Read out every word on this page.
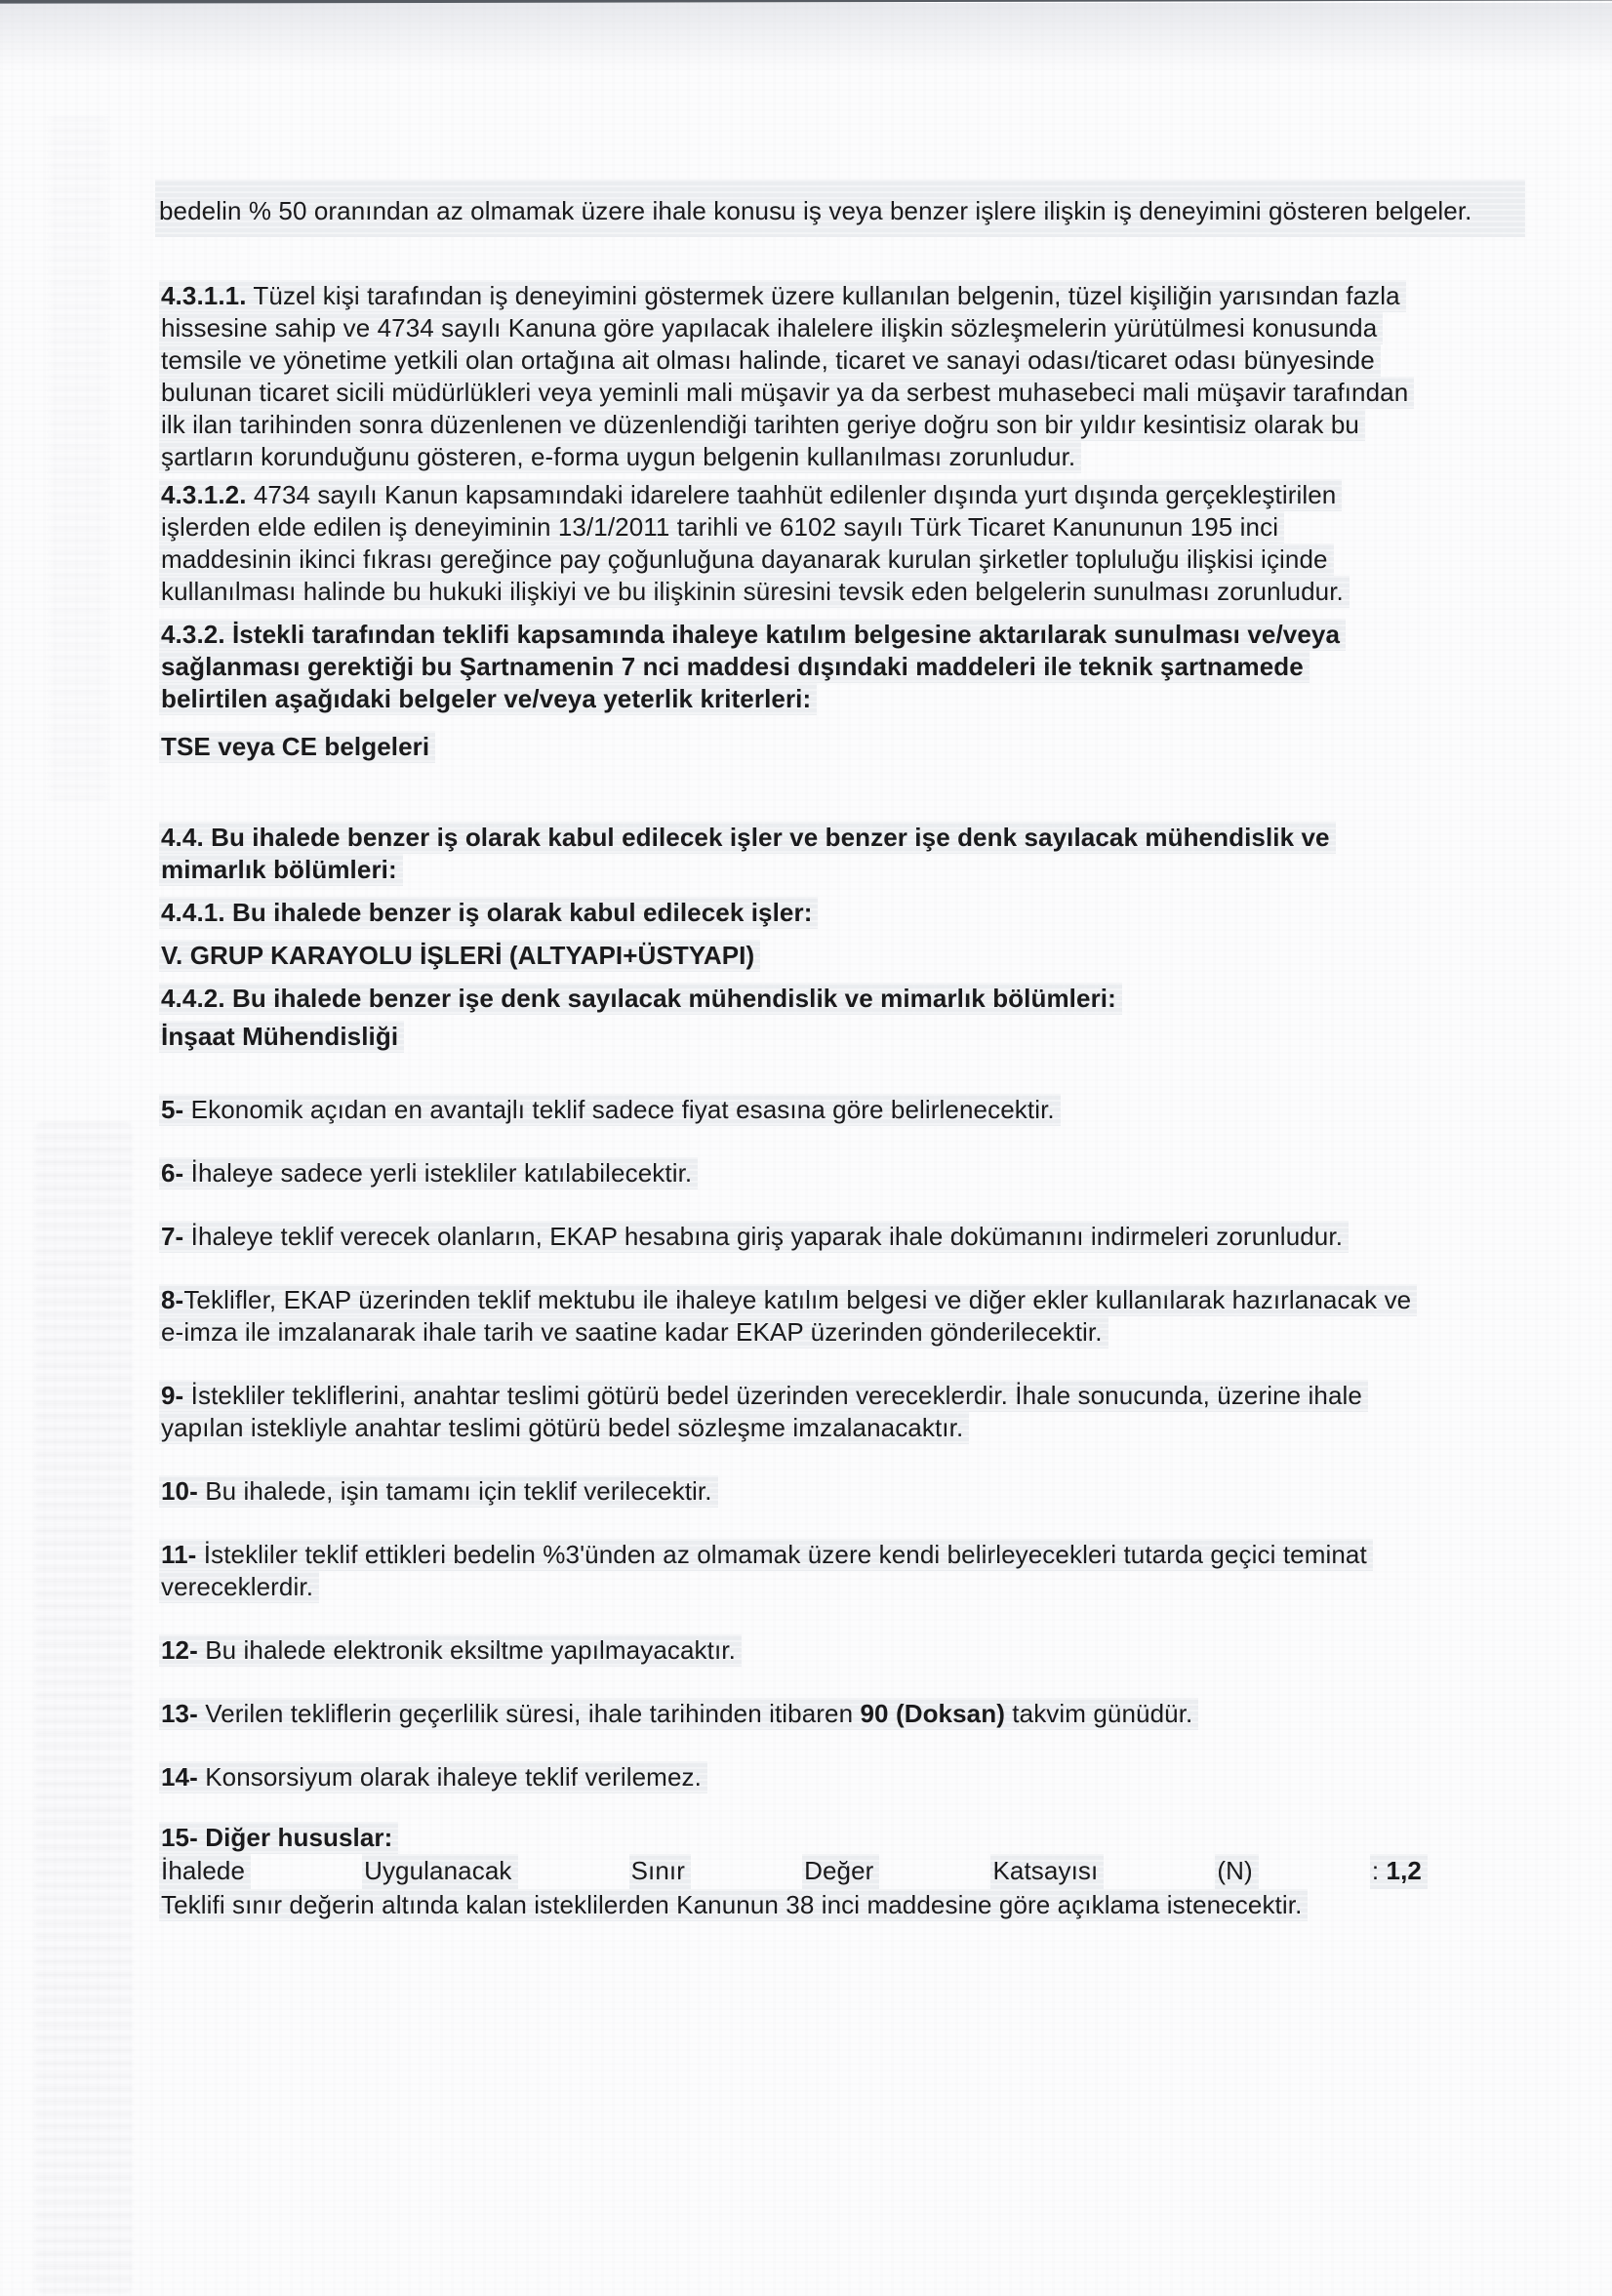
bedelin % 50 oranından az olmamak üzere ihale konusu iş veya benzer işlere ilişkin iş deneyimini gösteren belgeler.
4.3.1.1. Tüzel kişi tarafından iş deneyimini göstermek üzere kullanılan belgenin, tüzel kişiliğin yarısından fazla hissesine sahip ve 4734 sayılı Kanuna göre yapılacak ihalelere ilişkin sözleşmelerin yürütülmesi konusunda temsile ve yönetime yetkili olan ortağına ait olması halinde, ticaret ve sanayi odası/ticaret odası bünyesinde bulunan ticaret sicili müdürlükleri veya yeminli mali müşavir ya da serbest muhasebeci mali müşavir tarafından ilk ilan tarihinden sonra düzenlenen ve düzenlendiği tarihten geriye doğru son bir yıldır kesintisiz olarak bu şartların korunduğunu gösteren, e-forma uygun belgenin kullanılması zorunludur.
4.3.1.2. 4734 sayılı Kanun kapsamındaki idarelere taahhüt edilenler dışında yurt dışında gerçekleştirilen işlerden elde edilen iş deneyiminin 13/1/2011 tarihli ve 6102 sayılı Türk Ticaret Kanununun 195 inci maddesinin ikinci fıkrası gereğince pay çoğunluğuna dayanarak kurulan şirketler topluluğu ilişkisi içinde kullanılması halinde bu hukuki ilişkiyi ve bu ilişkinin süresini tevsik eden belgelerin sunulması zorunludur.
4.3.2. İstekli tarafından teklifi kapsamında ihaleye katılım belgesine aktarılarak sunulması ve/veya sağlanması gerektiği bu Şartnamenin 7 nci maddesi dışındaki maddeleri ile teknik şartnamede belirtilen aşağıdaki belgeler ve/veya yeterlik kriterleri:
TSE veya CE belgeleri
4.4. Bu ihalede benzer iş olarak kabul edilecek işler ve benzer işe denk sayılacak mühendislik ve mimarlık bölümleri:
4.4.1. Bu ihalede benzer iş olarak kabul edilecek işler:
V. GRUP KARAYOLU İŞLERİ (ALTYAPI+ÜSTYAPI)
4.4.2. Bu ihalede benzer işe denk sayılacak mühendislik ve mimarlık bölümleri:
İnşaat Mühendisliği
5- Ekonomik açıdan en avantajlı teklif sadece fiyat esasına göre belirlenecektir.
6- İhaleye sadece yerli istekliler katılabilecektir.
7- İhaleye teklif verecek olanların, EKAP hesabına giriş yaparak ihale dokümanını indirmeleri zorunludur.
8-Teklifler, EKAP üzerinden teklif mektubu ile ihaleye katılım belgesi ve diğer ekler kullanılarak hazırlanacak ve e-imza ile imzalanarak ihale tarih ve saatine kadar EKAP üzerinden gönderilecektir.
9- İstekliler tekliflerini, anahtar teslimi götürü bedel üzerinden vereceklerdir. İhale sonucunda, üzerine ihale yapılan istekliyle anahtar teslimi götürü bedel sözleşme imzalanacaktır.
10- Bu ihalede, işin tamamı için teklif verilecektir.
11- İstekliler teklif ettikleri bedelin %3'ünden az olmamak üzere kendi belirleyecekleri tutarda geçici teminat vereceklerdir.
12- Bu ihalede elektronik eksiltme yapılmayacaktır.
13- Verilen tekliflerin geçerlilik süresi, ihale tarihinden itibaren 90 (Doksan) takvim günüdür.
14- Konsorsiyum olarak ihaleye teklif verilemez.
15- Diğer hususlar:
İhalede	Uygulanacak	Sınır	Değer	Katsayısı	(N)	: 1,2
Teklifi sınır değerin altında kalan isteklilerden Kanunun 38 inci maddesine göre açıklama istenecektir.
